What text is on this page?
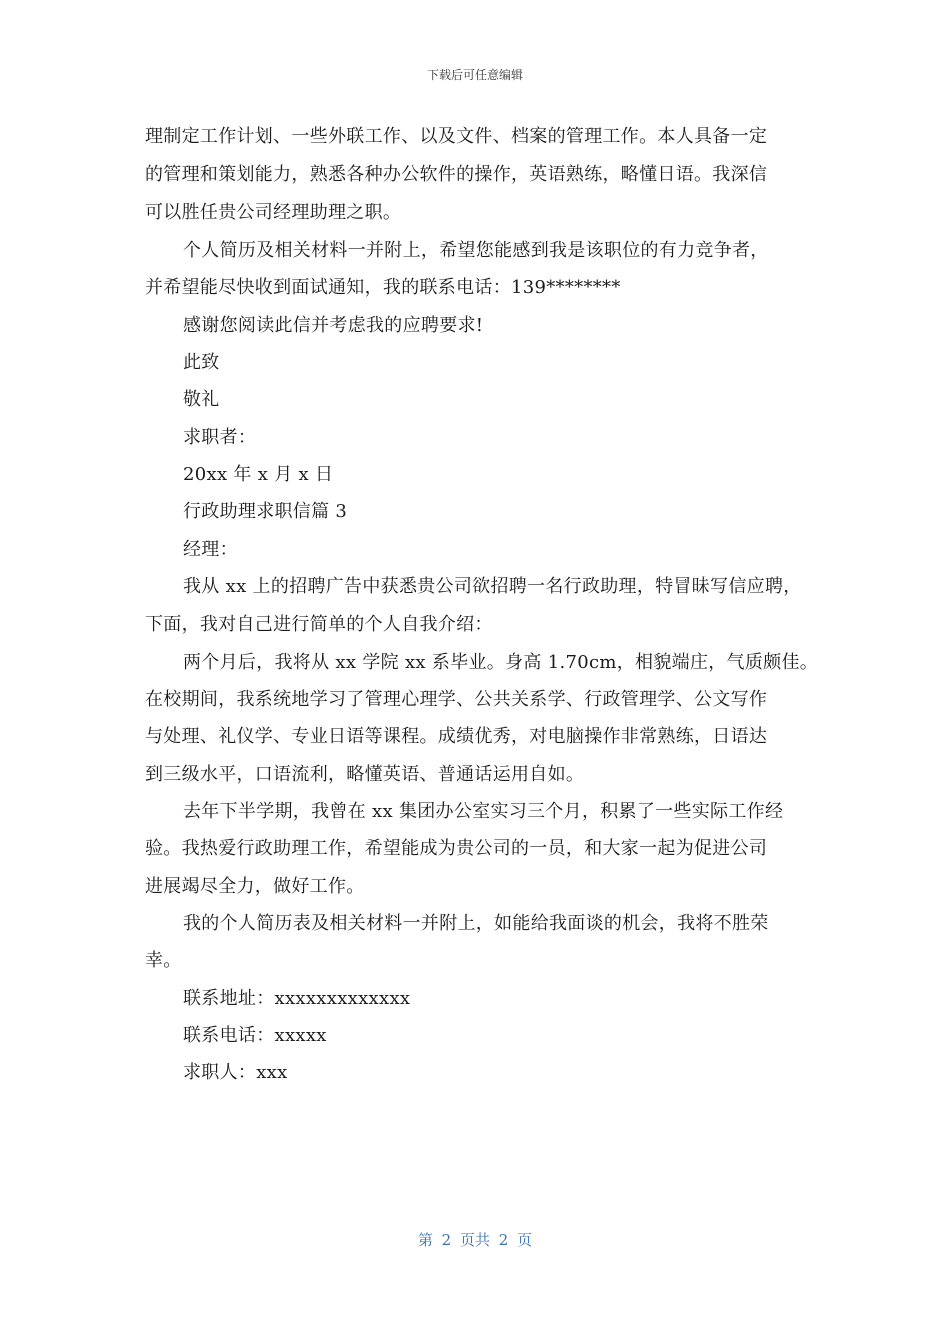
下载后可任意编辑
理制定工作计划、一些外联工作、以及文件、档案的管理工作。本人具备一定
的管理和策划能力，熟悉各种办公软件的操作，英语熟练，略懂日语。我深信
可以胜任贵公司经理助理之职。
个人简历及相关材料一并附上，希望您能感到我是该职位的有力竞争者，
并希望能尽快收到面试通知，我的联系电话：139********
感谢您阅读此信并考虑我的应聘要求!
此致
敬礼
求职者：
20xx 年 x 月 x 日
行政助理求职信篇 3
经理：
我从 xx 上的招聘广告中获悉贵公司欲招聘一名行政助理，特冒昧写信应聘，
下面，我对自己进行简单的个人自我介绍：
两个月后，我将从 xx 学院 xx 系毕业。身高 1.70cm，相貌端庄，气质颇佳。
在校期间，我系统地学习了管理心理学、公共关系学、行政管理学、公文写作
与处理、礼仪学、专业日语等课程。成绩优秀，对电脑操作非常熟练，日语达
到三级水平，口语流利，略懂英语、普通话运用自如。
去年下半学期，我曾在 xx 集团办公室实习三个月，积累了一些实际工作经
验。我热爱行政助理工作，希望能成为贵公司的一员，和大家一起为促进公司
进展竭尽全力，做好工作。
我的个人简历表及相关材料一并附上，如能给我面谈的机会，我将不胜荣
幸。
联系地址：xxxxxxxxxxxxx
联系电话：xxxxx
求职人：xxx
第 2 页共 2 页
